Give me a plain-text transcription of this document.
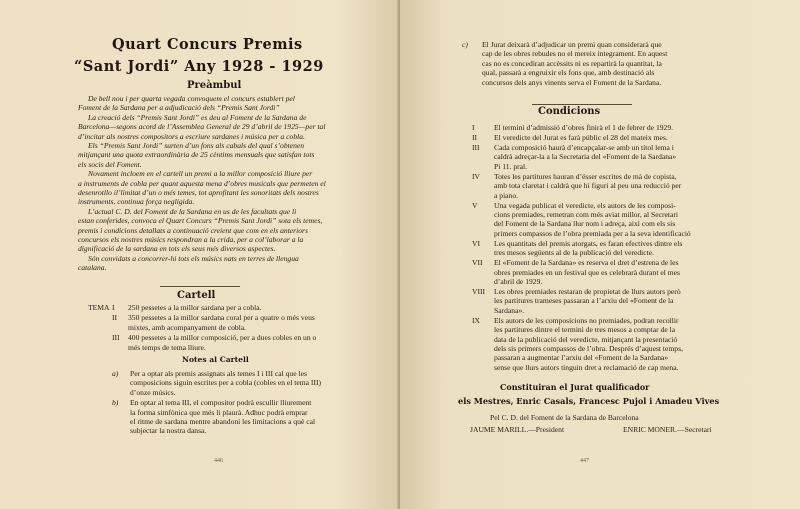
Quart Concurs Premis
“Sant Jordi” Any 1928 - 1929
Preàmbul
De bell nou i per quarta vegada convoquem el concurs establert pel
Foment de la Sardana per a adjudicació dels “Premis Sant Jordi”
La creació dels “Premis Sant Jordi” es deu al Foment de la Sardana de
Barcelona—segons acord de l’Assemblea General de 29 d’abril de 1925—per tal
d’incitar als nostres compositors a escriure sardanes i música per a cobla.
Els “Premis Sant Jordi” surten d’un fons als cabals del qual s’obtenen
mitjançant una quota extraordinària de 25 cèntims mensuals que satisfan tots
els socis del Foment.
Novament incloem en el cartell un premi a la millor composició lliure per
a instruments de cobla per quant aquesta mena d’obres musicals que permeten el
desenrotllo il’limitat d’un o més temes, tot aprofitant les sonoritats dels nostres
instruments, continua força negligida.
L’actual C. D. del Foment de la Sardana en us de les facultats que li
estan conferides, convoca el Quart Concurs “Premis Sant Jordi” sota els temes,
premis i condicions detallats a continuació creient que com en els anteriors
concursos els nostres músics respondran a la crida, per a col’laborar a la
dignificació de la sardana en tots els seus més diversos aspectes.
Són convidats a concorrer-hi tots els músics nats en terres de llengua
catalana.
Cartell
TEMA I 250 pessetes a la millor sardana per a cobla.
II 350 pessetes a la millor sardana coral per a quatre o més veus
mixtes, amb acompanyament de cobla.
III 400 pessetes a la millor composició, per a dues cobles en un o
més temps de tema lliure.
Notes al Cartell
a) Per a optar als premis assignats als temes I i III cal que les
composicions siguin escrites per a cobla (cobles en el tema III)
d’onze músics.
b) En optar al tema III, el compositor podrà escullir lliurement
la forma simfònica que més li plaurà. Adhuc podrà emprar
el ritme de sardana mentre abandoni les limitacions a què cal
subjectar la nostra dansa.
446
c) El Jurat deixarà d’adjudicar un premi quan considerarà que
cap de les obres rebudes no el mereix integrament. En aquest
cas no es concediran accèssits ni es repartirà la quantitat, la
qual, passarà a engruixir els fons que, amb destinació als
concursos dels anys vinents serva el Foment de la Sardana.
Condicions
I	El termini d’admissió d’obres finirà el 1 de febrer de 1929.
II El veredicte del Jurat es farà públic el 28 del mateix mes.
III Cada composició haurà d’encapçalar-se amb un títol lema i
caldrà adreçar-la a la Secretaria del «Foment de la Sardana»
Pi 11. pral.
IV Totes les partitures hauran d’ésser escrites de mà de copista,
amb tota claretat i caldrà que hi figuri al peu una reducció per
a piano.
V Una vegada publicat el veredicte, els autors de les composi-
cions premiades, remetran com més aviat millor, al Secretari
del Foment de la Sardana llur nom i adreça, així com els sis
primers compassos de l’obra premiada per a la seva identificació
VI Les quantitats del premis atorgats, es faran efectives dintre els
tres mesos següents al de la publicació del veredicte.
VII El «Foment de la Sardana» es reserva el dret d’estrena de les
obres premiades en un festival que es celebrarà durant el mes
d’abril de 1929.
VIII Les obres premiades restaran de propietat de llurs autors però
les partitures trameses passaran a l’arxiu del «Foment de la
Sardana».
IX Els autors de les composicions no premiades, podran recollir
les partitures dintre el termini de tres mesos a comptar de la
data de la publicació del veredicte, mitjançant la presentació
dels sis primers compassos de l’obra. Després d’aquest temps,
passaran a augmentar l’arxiu del «Foment de la Sardana»
sense que llurs autors tinguin dret a reclamació de cap mena.
Constituiran el Jurat qualificador
els Mestres, Enric Casals, Francesc Pujol i Amadeu Vives
Pel C. D. del Foment de la Sardana de Barcelona
JAUME MARILL.—President	ENRIC MONER.—Secretari
447
